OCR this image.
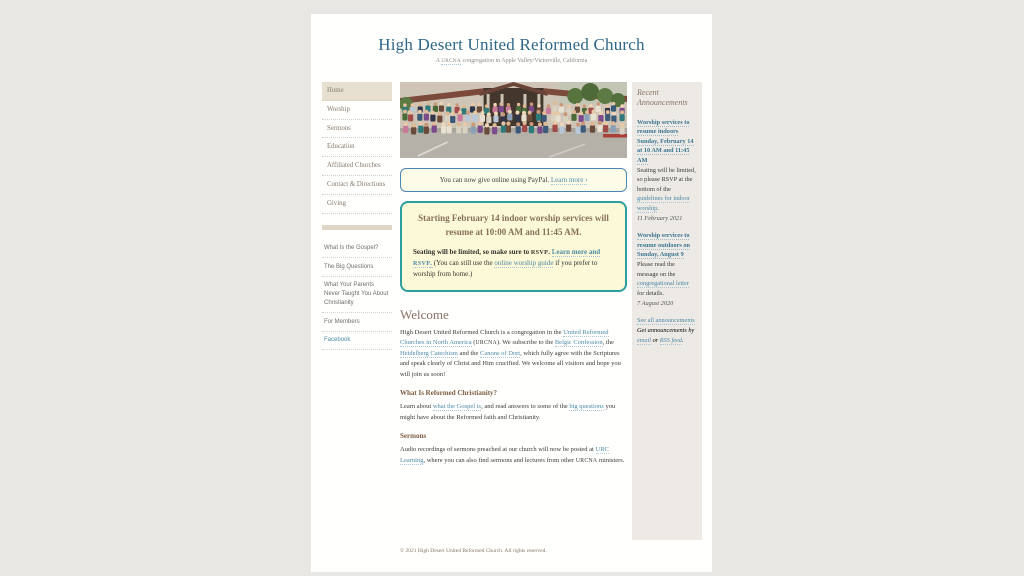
High Desert United Reformed Church
A URCNA congregation in Apple Valley/Victorville, California
Home
Worship
Sermons
Education
Affiliated Churches
Contact & Directions
Giving
What Is the Gospel?
The Big Questions
What Your Parents Never Taught You About Christianity
For Members
Facebook
You can now give online using PayPal. Learn more ›
Starting February 14 indoor worship services will resume at 10:00 AM and 11:45 AM.
Seating will be limited, so make sure to RSVP. Learn more and RSVP. (You can still use the online worship guide if you prefer to worship from home.)
Welcome

High Desert United Reformed Church is a congregation in the United Reformed Churches in North America (URCNA). We subscribe to the Belgic Confession, the Heidelberg Catechism and the Canons of Dort, which fully agree with the Scriptures and speak clearly of Christ and Him crucified. We welcome all visitors and hope you will join us soon!

What Is Reformed Christianity?

Learn about what the Gospel is, and read answers to some of the big questions you might have about the Reformed faith and Christianity.

Sermons

Audio recordings of sermons preached at our church will now be posted at URC Learning, where you can also find sermons and lectures from other URCNA ministers.

Recent Announcements
Worship services to resume indoors Sunday, February 14 at 10 AM and 11:45 AM
Seating will be limited, so please RSVP at the bottom of the guidelines for indoor worship.
11 February 2021
Worship services to resume outdoors on Sunday, August 9
Please read the message on the congregational letter for details.
7 August 2020
See all announcements
Get announcements by email or RSS feed.
© 2021 High Desert United Reformed Church. All rights reserved.
